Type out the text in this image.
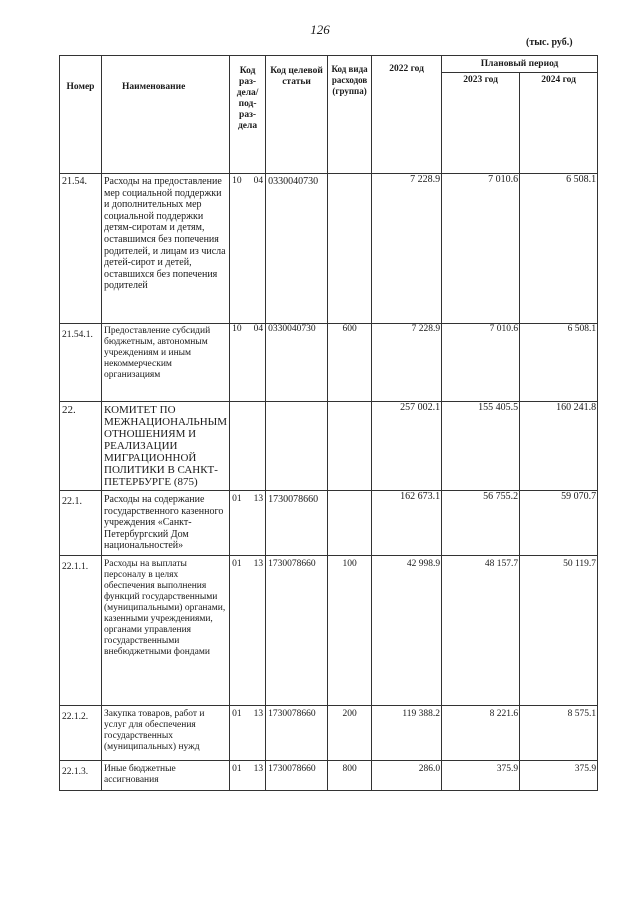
126
(тыс. руб.)
Номер	Наименование	Код раз- дела/ под- раз- дела	Код целевой статьи	Код вида расходов (группа)	2022 год	Плановый период	
						2023 год	2024 год
21.54.	Расходы на предоставление мер социальной поддержки и дополнительных мер социальной поддержки детям-сиротам и детям, оставшимся без попечения родителей, и лицам из числа детей-сирот и детей, оставшихся без попечения родителей	10 04	0330040730		7 228.9	7 010.6	6 508.1
21.54.1.	Предоставление субсидий бюджетным, автономным учреждениям и иным некоммерческим организациям	10 04	0330040730	600	7 228.9	7 010.6	6 508.1
22.	КОМИТЕТ ПО МЕЖНАЦИОНАЛЬНЫМ ОТНОШЕНИЯМ И РЕАЛИЗАЦИИ МИГРАЦИОННОЙ ПОЛИТИКИ В САНКТ-ПЕТЕРБУРГЕ (875)				257 002.1	155 405.5	160 241.8
22.1.	Расходы на содержание государственного казенного учреждения «Санкт-Петербургский Дом национальностей»	01 13	1730078660		162 673.1	56 755.2	59 070.7
22.1.1.	Расходы на выплаты персоналу в целях обеспечения выполнения функций государственными (муниципальными) органами, казенными учреждениями, органами управления государственными внебюджетными фондами	01 13	1730078660	100	42 998.9	48 157.7	50 119.7
22.1.2.	Закупка товаров, работ и услуг для обеспечения государственных (муниципальных) нужд	01 13	1730078660	200	119 388.2	8 221.6	8 575.1
22.1.3.	Иные бюджетные ассигнования	01 13	1730078660	800	286.0	375.9	375.9
